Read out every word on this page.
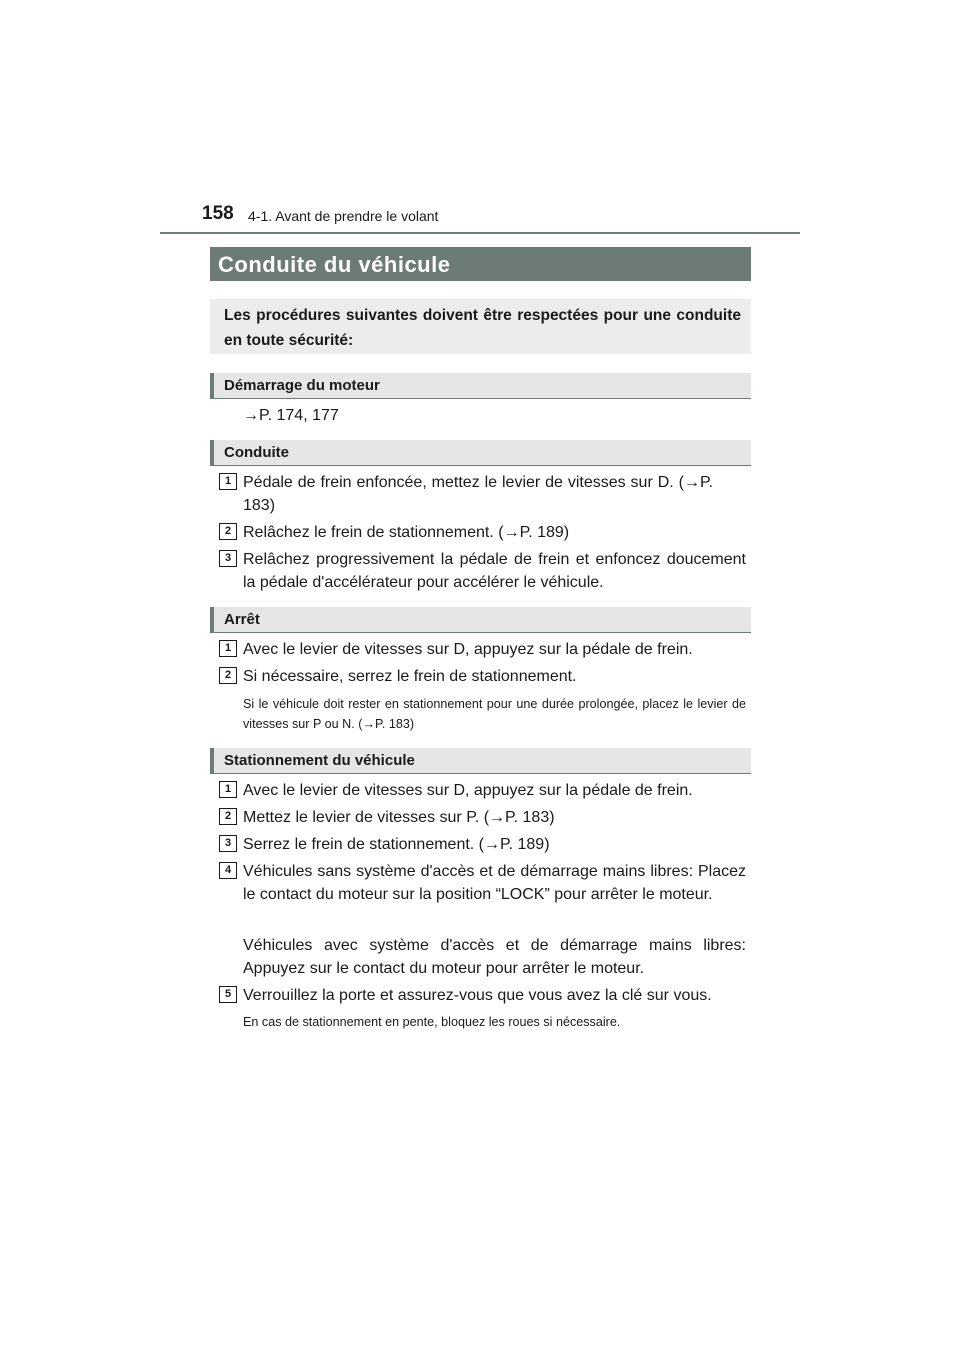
158 4-1. Avant de prendre le volant
Conduite du véhicule
Les procédures suivantes doivent être respectées pour une conduite en toute sécurité:
Démarrage du moteur
→P. 174, 177
Conduite
1 Pédale de frein enfoncée, mettez le levier de vitesses sur D. (→P. 183)
2 Relâchez le frein de stationnement. (→P. 189)
3 Relâchez progressivement la pédale de frein et enfoncez doucement la pédale d'accélérateur pour accélérer le véhicule.
Arrêt
1 Avec le levier de vitesses sur D, appuyez sur la pédale de frein.
2 Si nécessaire, serrez le frein de stationnement.
Si le véhicule doit rester en stationnement pour une durée prolongée, placez le levier de vitesses sur P ou N. (→P. 183)
Stationnement du véhicule
1 Avec le levier de vitesses sur D, appuyez sur la pédale de frein.
2 Mettez le levier de vitesses sur P. (→P. 183)
3 Serrez le frein de stationnement. (→P. 189)
4 Véhicules sans système d'accès et de démarrage mains libres: Placez le contact du moteur sur la position “LOCK” pour arrêter le moteur.
Véhicules avec système d'accès et de démarrage mains libres: Appuyez sur le contact du moteur pour arrêter le moteur.
5 Verrouillez la porte et assurez-vous que vous avez la clé sur vous.
En cas de stationnement en pente, bloquez les roues si nécessaire.
